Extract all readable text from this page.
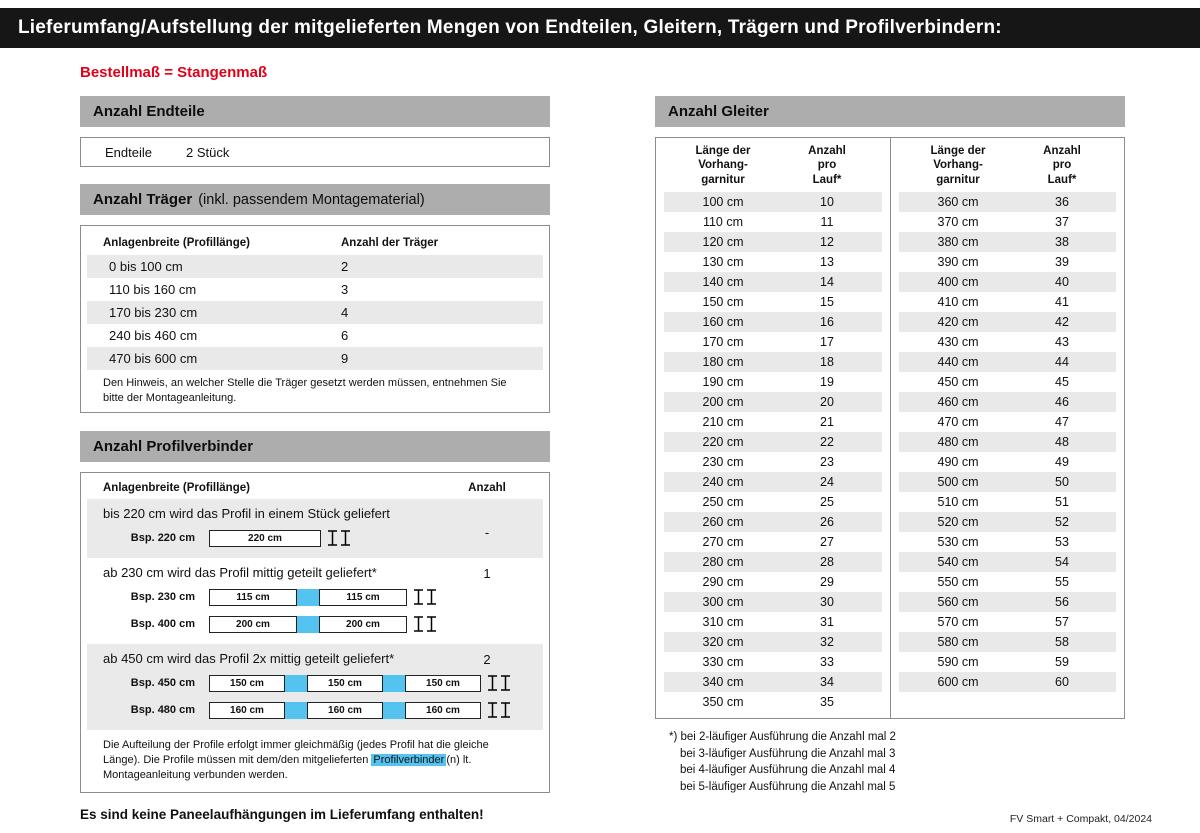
Lieferumfang/Aufstellung der mitgelieferten Mengen von Endteilen, Gleitern, Trägern und Profilverbindern:
Bestellmaß = Stangenmaß
Anzahl Endteile
Endteile	2 Stück
Anzahl Träger (inkl. passendem Montagematerial)
Anlagenbreite (Profillänge)	Anzahl der Träger
0 bis 100 cm	2
110 bis 160 cm	3
170 bis 230 cm	4
240 bis 460 cm	6
470 bis 600 cm	9
Den Hinweis, an welcher Stelle die Träger gesetzt werden müssen, entnehmen Sie bitte der Montageanleitung.
Anzahl Profilverbinder
Anlagenbreite (Profillänge)	Anzahl
bis 220 cm wird das Profil in einem Stück geliefert
-
Bsp. 220 cm	220 cm
ab 230 cm wird das Profil mittig geteilt geliefert*	1
Bsp. 230 cm	115 cm	115 cm
Bsp. 400 cm	200 cm	200 cm
ab 450 cm wird das Profil 2x mittig geteilt geliefert*	2
Bsp. 450 cm	150 cm	150 cm	150 cm
Bsp. 480 cm	160 cm	160 cm	160 cm
Die Aufteilung der Profile erfolgt immer gleichmäßig (jedes Profil hat die gleiche Länge). Die Profile müssen mit dem/den mitgelieferten Profilverbinder (n) lt. Montageanleitung verbunden werden.
Es sind keine Paneelaufhängungen im Lieferumfang enthalten!
Anzahl Gleiter
Länge der
Vorhang-
garnitur
Anzahl
pro
Lauf*
100 cm	10
110 cm	11
120 cm	12
130 cm	13
140 cm	14
150 cm	15
160 cm	16
170 cm	17
180 cm	18
190 cm	19
200 cm	20
210 cm	21
220 cm	22
230 cm	23
240 cm	24
250 cm	25
260 cm	26
270 cm	27
280 cm	28
290 cm	29
300 cm	30
310 cm	31
320 cm	32
330 cm	33
340 cm	34
350 cm	35
Länge der
Vorhang-
garnitur
Anzahl
pro
Lauf*
360 cm	36
370 cm	37
380 cm	38
390 cm	39
400 cm	40
410 cm	41
420 cm	42
430 cm	43
440 cm	44
450 cm	45
460 cm	46
470 cm	47
480 cm	48
490 cm	49
500 cm	50
510 cm	51
520 cm	52
530 cm	53
540 cm	54
550 cm	55
560 cm	56
570 cm	57
580 cm	58
590 cm	59
600 cm	60
*) bei 2-läufiger Ausführung die Anzahl mal 2
bei 3-läufiger Ausführung die Anzahl mal 3
bei 4-läufiger Ausführung die Anzahl mal 4
bei 5-läufiger Ausführung die Anzahl mal 5
FV Smart + Compakt, 04/2024
